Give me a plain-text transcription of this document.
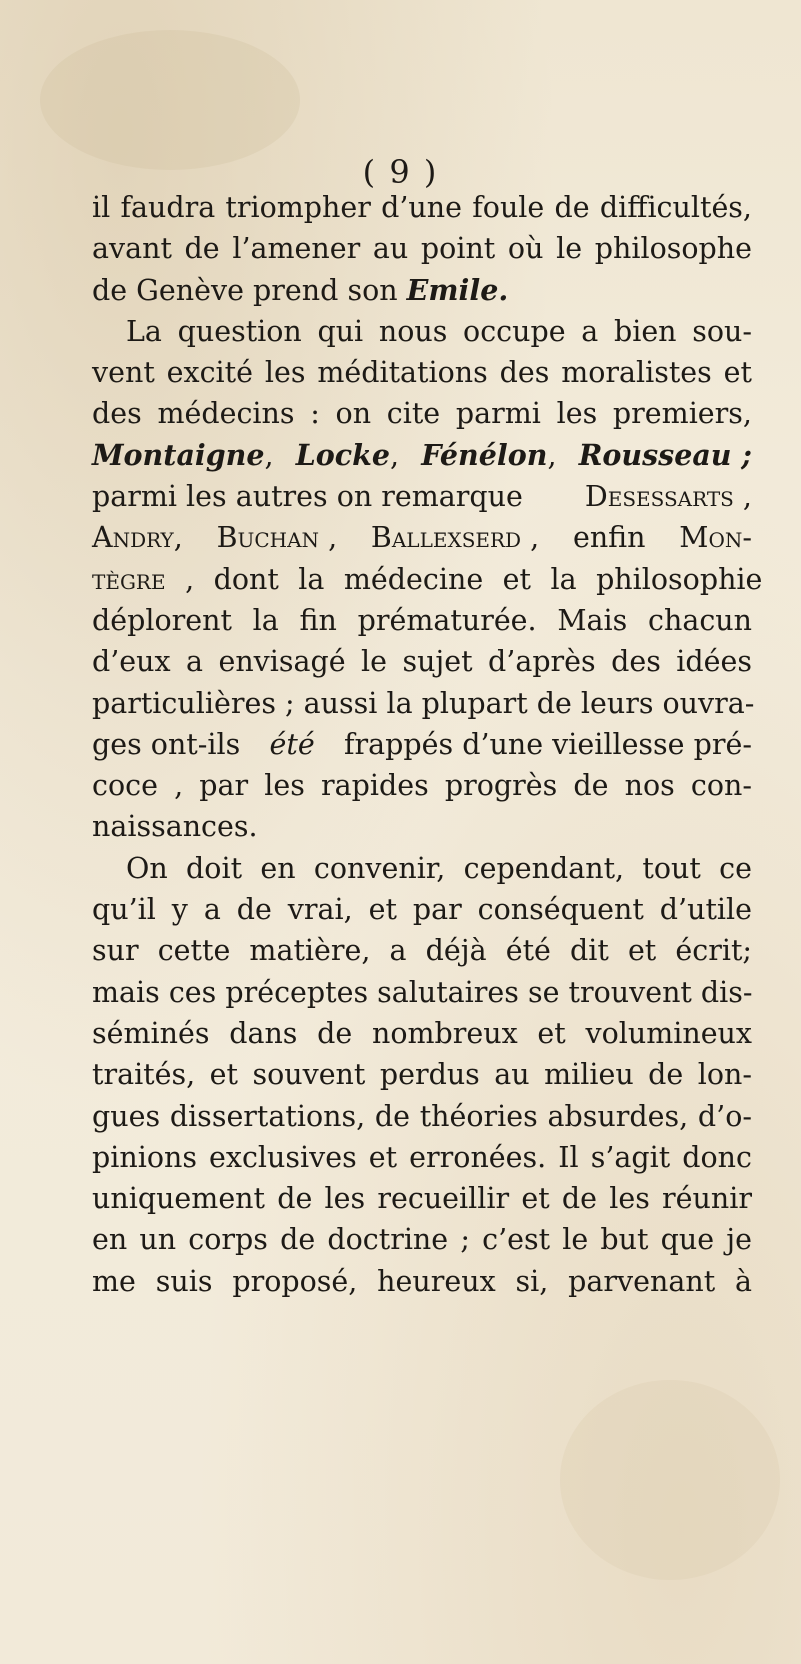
( 9 )
il faudra triompher d’une foule de difficultés,
avant de l’amener au point où le philosophe
de Genève prend son
Emile.
La question qui nous occupe a bien sou-
vent excité les méditations des moralistes et
des médecins : on cite parmi les premiers,
Montaigne, Locke, Fénélon, Rousseau ;
parmi les autres on remarque Desessarts ,
Andry, Buchan , Ballexserd , enfin Mon-
tègre , dont la médecine et la philosophie
déplorent la fin prématurée. Mais chacun
d’eux a envisagé le sujet d’après des idées
particulières ; aussi la plupart de leurs ouvra-
ges ont-ils été frappés d’une vieillesse pré-
coce , par les rapides progrès de nos con-
naissances.
On doit en convenir, cependant, tout ce
qu’il y a de vrai, et par conséquent d’utile
sur cette matière, a déjà été dit et écrit;
mais ces préceptes salutaires se trouvent dis-
séminés dans de nombreux et volumineux
traités, et souvent perdus au milieu de lon-
gues dissertations, de théories absurdes, d’o-
pinions exclusives et erronées. Il s’agit donc
uniquement de les recueillir et de les réunir
en un corps de doctrine ; c’est le but que je
me suis proposé, heureux si, parvenant à
